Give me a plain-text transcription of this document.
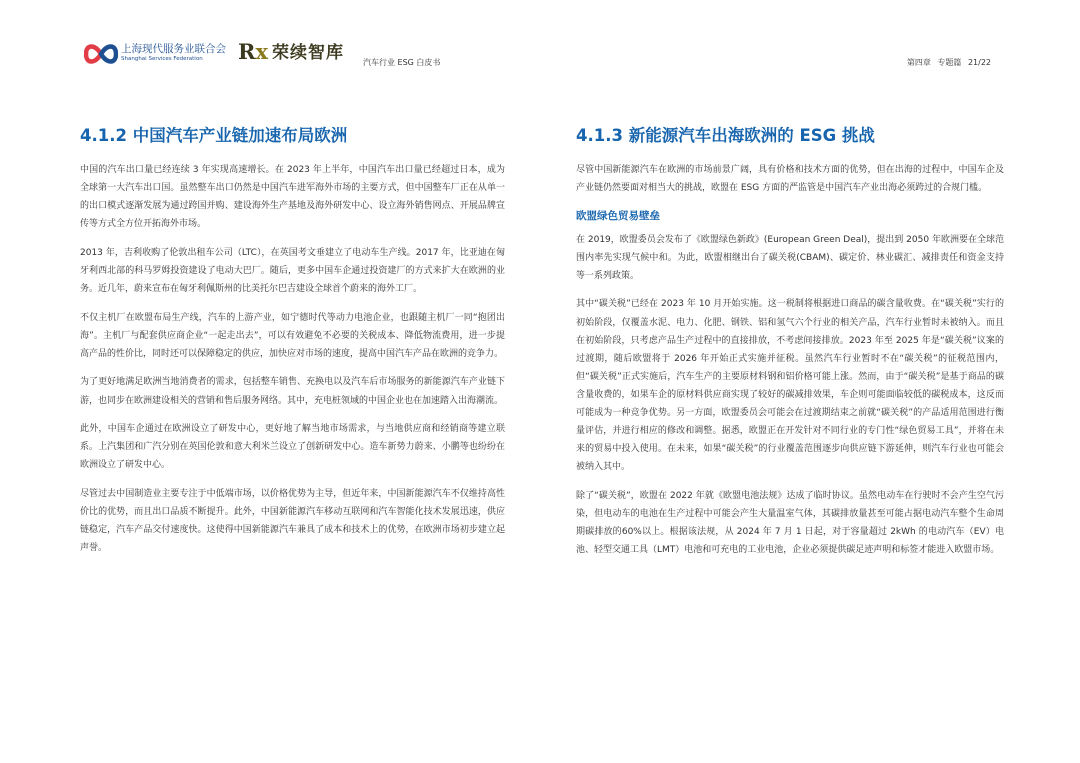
上海现代服务业联合会
Shanghai Services Federation	Rx 荣续智库 汽车行业 ESG 白皮书	第四章 专题篇 21/22
4.1.2 中国汽车产业链加速布局欧洲

中国的汽车出口量已经连续 3 年实现高速增长。在 2023 年上半年，中国汽车出口量已经超过日本，成为全球第一大汽车出口国。虽然整车出口仍然是中国汽车进军海外市场的主要方式，但中国整车厂正在从单一的出口模式逐渐发展为通过跨国并购、建设海外生产基地及海外研发中心、设立海外销售网点、开展品牌宣传等方式全方位开拓海外市场。

2013 年，吉利收购了伦敦出租车公司（LTC），在英国考文垂建立了电动车生产线。2017 年，比亚迪在匈牙利西北部的科马罗姆投资建设了电动大巴厂。随后，更多中国车企通过投资建厂的方式来扩大在欧洲的业务。近几年，蔚来宣布在匈牙利佩斯州的比美托尔巴吉建设全球首个蔚来的海外工厂。

不仅主机厂在欧盟布局生产线，汽车的上游产业，如宁德时代等动力电池企业，也跟随主机厂一同“抱团出海”。主机厂与配套供应商企业“一起走出去”，可以有效避免不必要的关税成本、降低物流费用，进一步提高产品的性价比，同时还可以保障稳定的供应，加快应对市场的速度，提高中国汽车产品在欧洲的竞争力。

为了更好地满足欧洲当地消费者的需求，包括整车销售、充换电以及汽车后市场服务的新能源汽车产业链下游，也同步在欧洲建设相关的营销和售后服务网络。其中，充电桩领域的中国企业也在加速踏入出海潮流。

此外，中国车企通过在欧洲设立了研发中心，更好地了解当地市场需求，与当地供应商和经销商等建立联系。上汽集团和广汽分别在英国伦敦和意大利米兰设立了创新研发中心。造车新势力蔚来、小鹏等也纷纷在欧洲设立了研发中心。

尽管过去中国制造业主要专注于中低端市场，以价格优势为主导，但近年来，中国新能源汽车不仅维持高性价比的优势，而且出口品质不断提升。此外，中国新能源汽车移动互联网和汽车智能化技术发展迅速，供应链稳定，汽车产品交付速度快。这使得中国新能源汽车兼具了成本和技术上的优势，在欧洲市场初步建立起声誉。

4.1.3 新能源汽车出海欧洲的 ESG 挑战

尽管中国新能源汽车在欧洲的市场前景广阔，具有价格和技术方面的优势，但在出海的过程中，中国车企及产业链仍然要面对相当大的挑战，欧盟在 ESG 方面的严监管是中国汽车产业出海必须跨过的合规门槛。

欧盟绿色贸易壁垒

在 2019，欧盟委员会发布了《欧盟绿色新政》(European Green Deal)，提出到 2050 年欧洲要在全球范围内率先实现气候中和。为此，欧盟相继出台了碳关税(CBAM)、碳定价、林业碳汇、减排责任和资金支持等一系列政策。

其中“碳关税”已经在 2023 年 10 月开始实施。这一税制将根据进口商品的碳含量收费。在“碳关税”实行的初始阶段，仅覆盖水泥、电力、化肥、钢铁、铝和氢气六个行业的相关产品，汽车行业暂时未被纳入。而且在初始阶段，只考虑产品生产过程中的直接排放，不考虑间接排放。2023 年至 2025 年是“碳关税”议案的过渡期，随后欧盟将于 2026 年开始正式实施并征税。虽然汽车行业暂时不在“碳关税”的征税范围内，但“碳关税”正式实施后，汽车生产的主要原材料钢和铝价格可能上涨。然而，由于“碳关税”是基于商品的碳含量收费的，如果车企的原材料供应商实现了较好的碳减排效果，车企则可能面临较低的碳税成本，这反而可能成为一种竞争优势。另一方面，欧盟委员会可能会在过渡期结束之前就“碳关税”的产品适用范围进行衡量评估，并进行相应的修改和调整。据悉，欧盟正在开发针对不同行业的专门性“绿色贸易工具”，并将在未来的贸易中投入使用。在未来，如果“碳关税”的行业覆盖范围逐步向供应链下游延伸，则汽车行业也可能会被纳入其中。

除了“碳关税”，欧盟在 2022 年就《欧盟电池法规》达成了临时协议。虽然电动车在行驶时不会产生空气污染，但电动车的电池在生产过程中可能会产生大量温室气体，其碳排放量甚至可能占据电动汽车整个生命周期碳排放的60%以上。根据该法规，从 2024 年 7 月 1 日起，对于容量超过 2kWh 的电动汽车（EV）电池、轻型交通工具（LMT）电池和可充电的工业电池，企业必须提供碳足迹声明和标签才能进入欧盟市场。
